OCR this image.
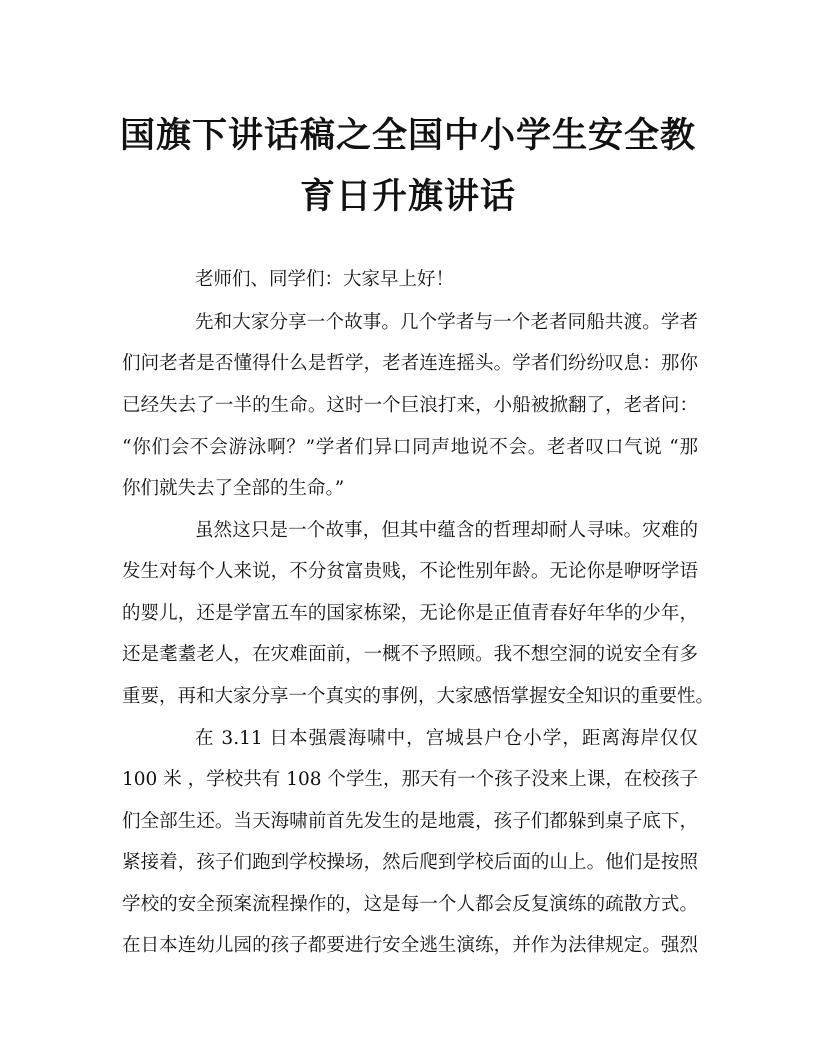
国旗下讲话稿之全国中小学生安全教
育日升旗讲话
老师们、同学们：大家早上好！
先和大家分享一个故事。几个学者与一个老者同船共渡。学者
们问老者是否懂得什么是哲学，老者连连摇头。学者们纷纷叹息：那你
已经失去了一半的生命。这时一个巨浪打来，小船被掀翻了，老者问：
“你们会不会游泳啊？”学者们异口同声地说不会。老者叹口气说 “那
你们就失去了全部的生命。”
虽然这只是一个故事，但其中蕴含的哲理却耐人寻味。灾难的
发生对每个人来说，不分贫富贵贱，不论性别年龄。无论你是咿呀学语
的婴儿，还是学富五车的国家栋梁，无论你是正值青春好年华的少年，
还是耄耋老人，在灾难面前，一概不予照顾。我不想空洞的说安全有多
重要，再和大家分享一个真实的事例，大家感悟掌握安全知识的重要性。
在 3.11 日本强震海啸中，宫城县户仓小学，距离海岸仅仅
100 米 ，学校共有 108 个学生，那天有一个孩子没来上课，在校孩子
们全部生还。当天海啸前首先发生的是地震，孩子们都躲到桌子底下，
紧接着，孩子们跑到学校操场，然后爬到学校后面的山上。他们是按照
学校的安全预案流程操作的，这是每一个人都会反复演练的疏散方式。
在日本连幼儿园的孩子都要进行安全逃生演练，并作为法律规定。强烈
